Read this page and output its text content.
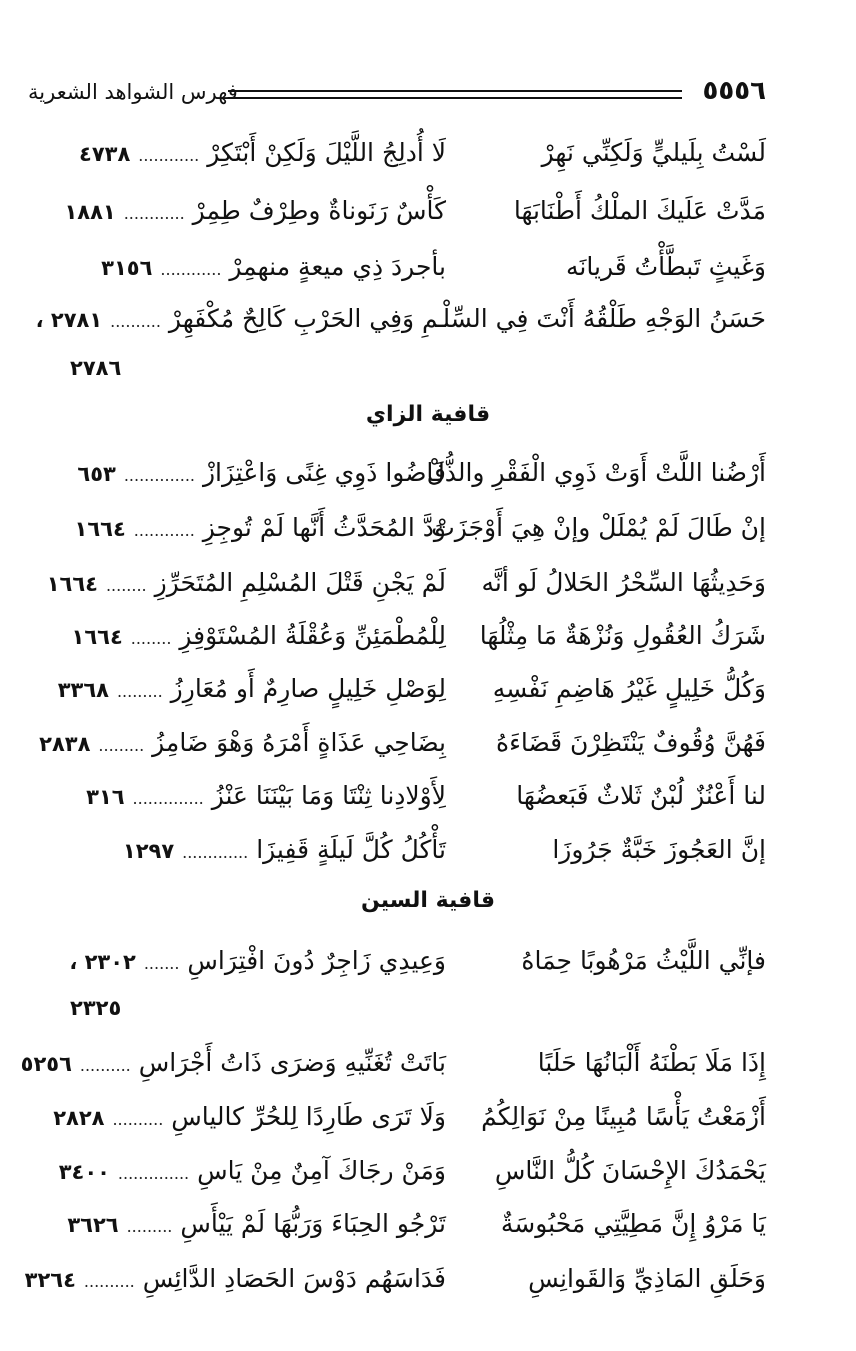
٥٥٥٦
فهرس الشواهد الشعرية
لَسْتُ بِلَيليٍّ وَلَكِنِّي نَهِرْ
لَا أُدلِجُ اللَّيْلَ وَلَكِنْ أَبْتَكِرْ ............ ٤٧٣٨
مَدَّتْ عَلَيكَ الملْكُ أَطْنَابَهَا
كَأْسٌ رَنَوناةٌ وطِرْفٌ طِمِرْ ............ ١٨٨١
وَغَيثٍ تَبطَّأْتُ قَريانَه
بأجردَ ذِي ميعةٍ منهمِرْ ............ ٣١٥٦
حَسَنُ الوَجْهِ طَلْقُهُ أَنْتَ فِي السِّلْـ
ـمِ وَفِي الحَرْبِ كَالِحٌ مُكْفَهِرْ .......... ٢٧٨١ ،
٢٧٨٦
قافية الزاي
أَرْضُنا اللَّتْ أَوَتْ ذَوِي الْفَقْرِ والذُّلْ
فَاضُوا ذَوِي غِنًى وَاعْتِزَازْ .............. ٦٥٣
إنْ طَالَ لَمْ يُمْلَلْ وإنْ هِيَ أَوْجَزَتْ
وَدَّ المُحَدَّثُ أَنَّها لَمْ تُوجِزِ ............ ١٦٦٤
وَحَدِيثُهَا السِّحْرُ الحَلالُ لَو أنَّه
لَمْ يَجْنِ قَتْلَ المُسْلِمِ المُتَحَرِّزِ ........ ١٦٦٤
شَرَكُ العُقُولِ وَنُزْهَةٌ مَا مِثْلُهَا
لِلْمُطْمَئِنِّ وَعُقْلَةُ المُسْتَوْفِزِ ........ ١٦٦٤
وَكُلُّ خَلِيلٍ غَيْرُ هَاضِمِ نَفْسِهِ
لِوَصْلِ خَلِيلٍ صارِمٌ أَو مُعَارِزُ ......... ٣٣٦٨
فَهُنَّ وُقُوفٌ يَنْتَظِرْنَ قَضَاءَهُ
بِضَاحِي عَذَاةٍ أَمْرَهُ وَهْوَ ضَامِزُ ......... ٢٨٣٨
لنا أَعْنُزٌ لُبْنٌ ثَلاثٌ فَبَعضُهَا
لِأَوْلادِنا ثِنْتَا وَمَا بَيْنَنَا عَنْزُ .............. ٣١٦
إنَّ العَجُوزَ خَبَّةٌ جَرُوزَا
تَأْكُلُ كُلَّ لَيلَةٍ قَفِيزَا ............. ١٢٩٧
قافية السين
فإنِّي اللَّيْثُ مَرْهُوبًا حِمَاهُ
وَعِيدِي زَاجِرٌ دُونَ افْتِرَاسِ ....... ٢٣٠٢ ،
٢٣٢٥
إِذَا مَلَا بَطْنَهُ أَلْبَانُهَا حَلَبًا
بَاتَتْ تُغَنِّيهِ وَضرَى ذَاتُ أَجْرَاسِ .......... ٥٢٥٦
أَزْمَعْتُ يَأْسًا مُبِينًا مِنْ نَوَالِكُمُ
وَلَا تَرَى طَارِدًا لِلحُرِّ كالياسِ .......... ٢٨٢٨
يَحْمَدُكَ الإِحْسَانَ كُلُّ النَّاسِ
وَمَنْ رجَاكَ آمِنٌ مِنْ يَاسِ .............. ٣٤٠٠
يَا مَرْوُ إِنَّ مَطِيَّتِي مَحْبُوسَةٌ
تَرْجُو الحِبَاءَ وَرَبُّهَا لَمْ يَيْأَسِ ......... ٣٦٢٦
وَحَلَقِ المَاذِيِّ وَالقَوانِسِ
فَدَاسَهُم دَوْسَ الحَصَادِ الدَّائِسِ .......... ٣٢٦٤
